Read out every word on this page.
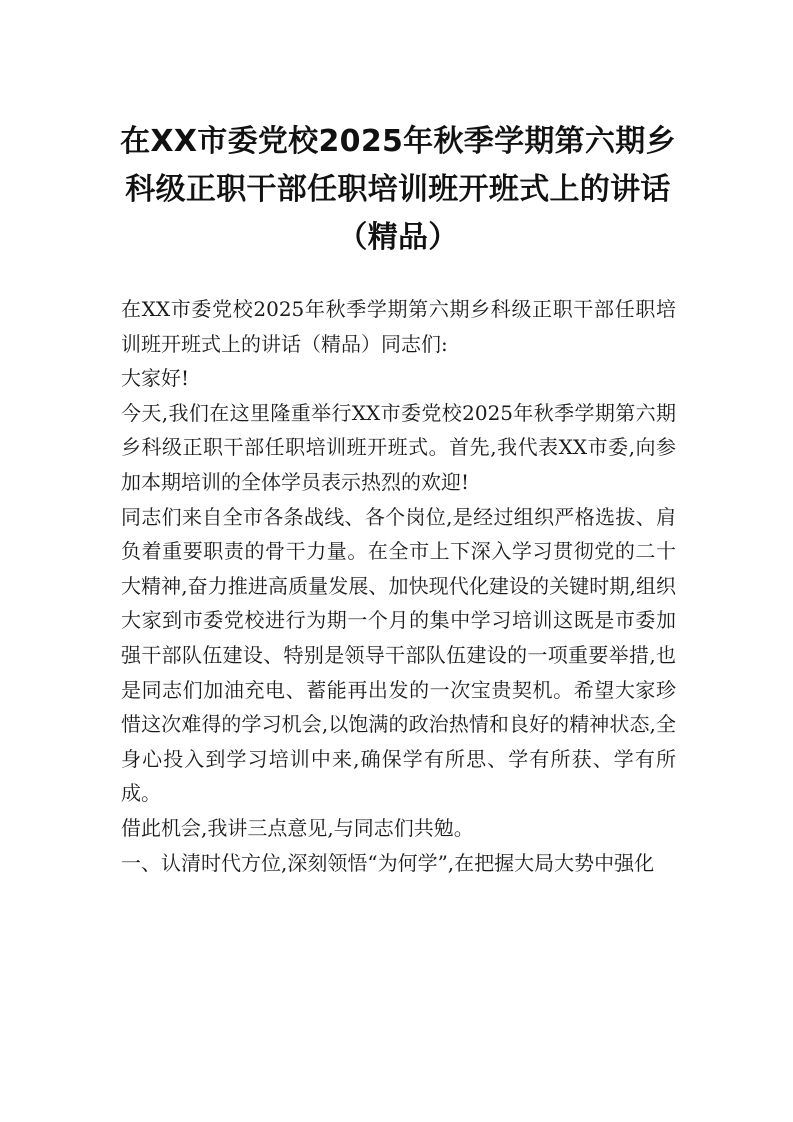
在XX市委党校2025年秋季学期第六期乡科级正职干部任职培训班开班式上的讲话（精品）

在XX市委党校2025年秋季学期第六期乡科级正职干部任职培训班开班式上的讲话（精品）同志们:

大家好!

今天,我们在这里隆重举行XX市委党校2025年秋季学期第六期乡科级正职干部任职培训班开班式。首先,我代表XX市委,向参加本期培训的全体学员表示热烈的欢迎!

同志们来自全市各条战线、各个岗位,是经过组织严格选拔、肩负着重要职责的骨干力量。在全市上下深入学习贯彻党的二十大精神,奋力推进高质量发展、加快现代化建设的关键时期,组织大家到市委党校进行为期一个月的集中学习培训这既是市委加强干部队伍建设、特别是领导干部队伍建设的一项重要举措,也是同志们加油充电、蓄能再出发的一次宝贵契机。希望大家珍惜这次难得的学习机会,以饱满的政治热情和良好的精神状态,全身心投入到学习培训中来,确保学有所思、学有所获、学有所成。

借此机会,我讲三点意见,与同志们共勉。

一、认清时代方位,深刻领悟“为何学”,在把握大局大势中强化
